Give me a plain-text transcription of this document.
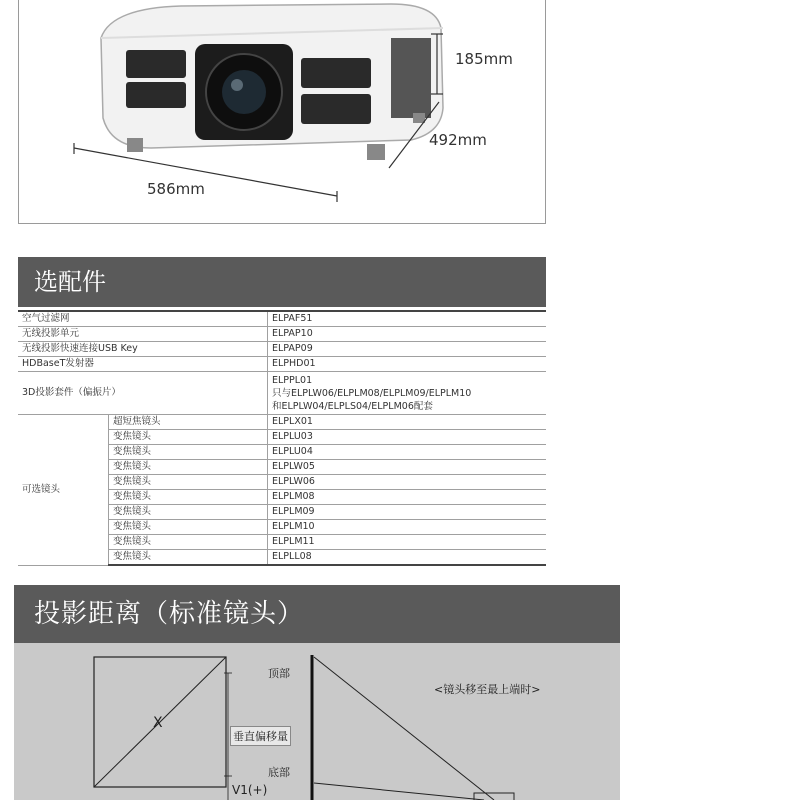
185mm
492mm
586mm
选配件
空气过滤网		ELPAF51
无线投影单元		ELPAP10
无线投影快速连接USB Key		ELPAP09
HDBaseT发射器		ELPHD01
3D投影套件（偏振片）		ELPPL01
只与ELPLW06/ELPLM08/ELPLM09/ELPLM10
和ELPLW04/ELPLS04/ELPLM06配套

可选镜头	超短焦镜头	ELPLX01
	变焦镜头	ELPLU03
	变焦镜头	ELPLU04
	变焦镜头	ELPLW05
	变焦镜头	ELPLW06
	变焦镜头	ELPLM08
	变焦镜头	ELPLM09
	变焦镜头	ELPLM10
	变焦镜头	ELPLM11
	变焦镜头	ELPLL08
投影距离（标准镜头）
X
顶部
垂直偏移量
底部
V1(+)
<镜头移至最上端时>
